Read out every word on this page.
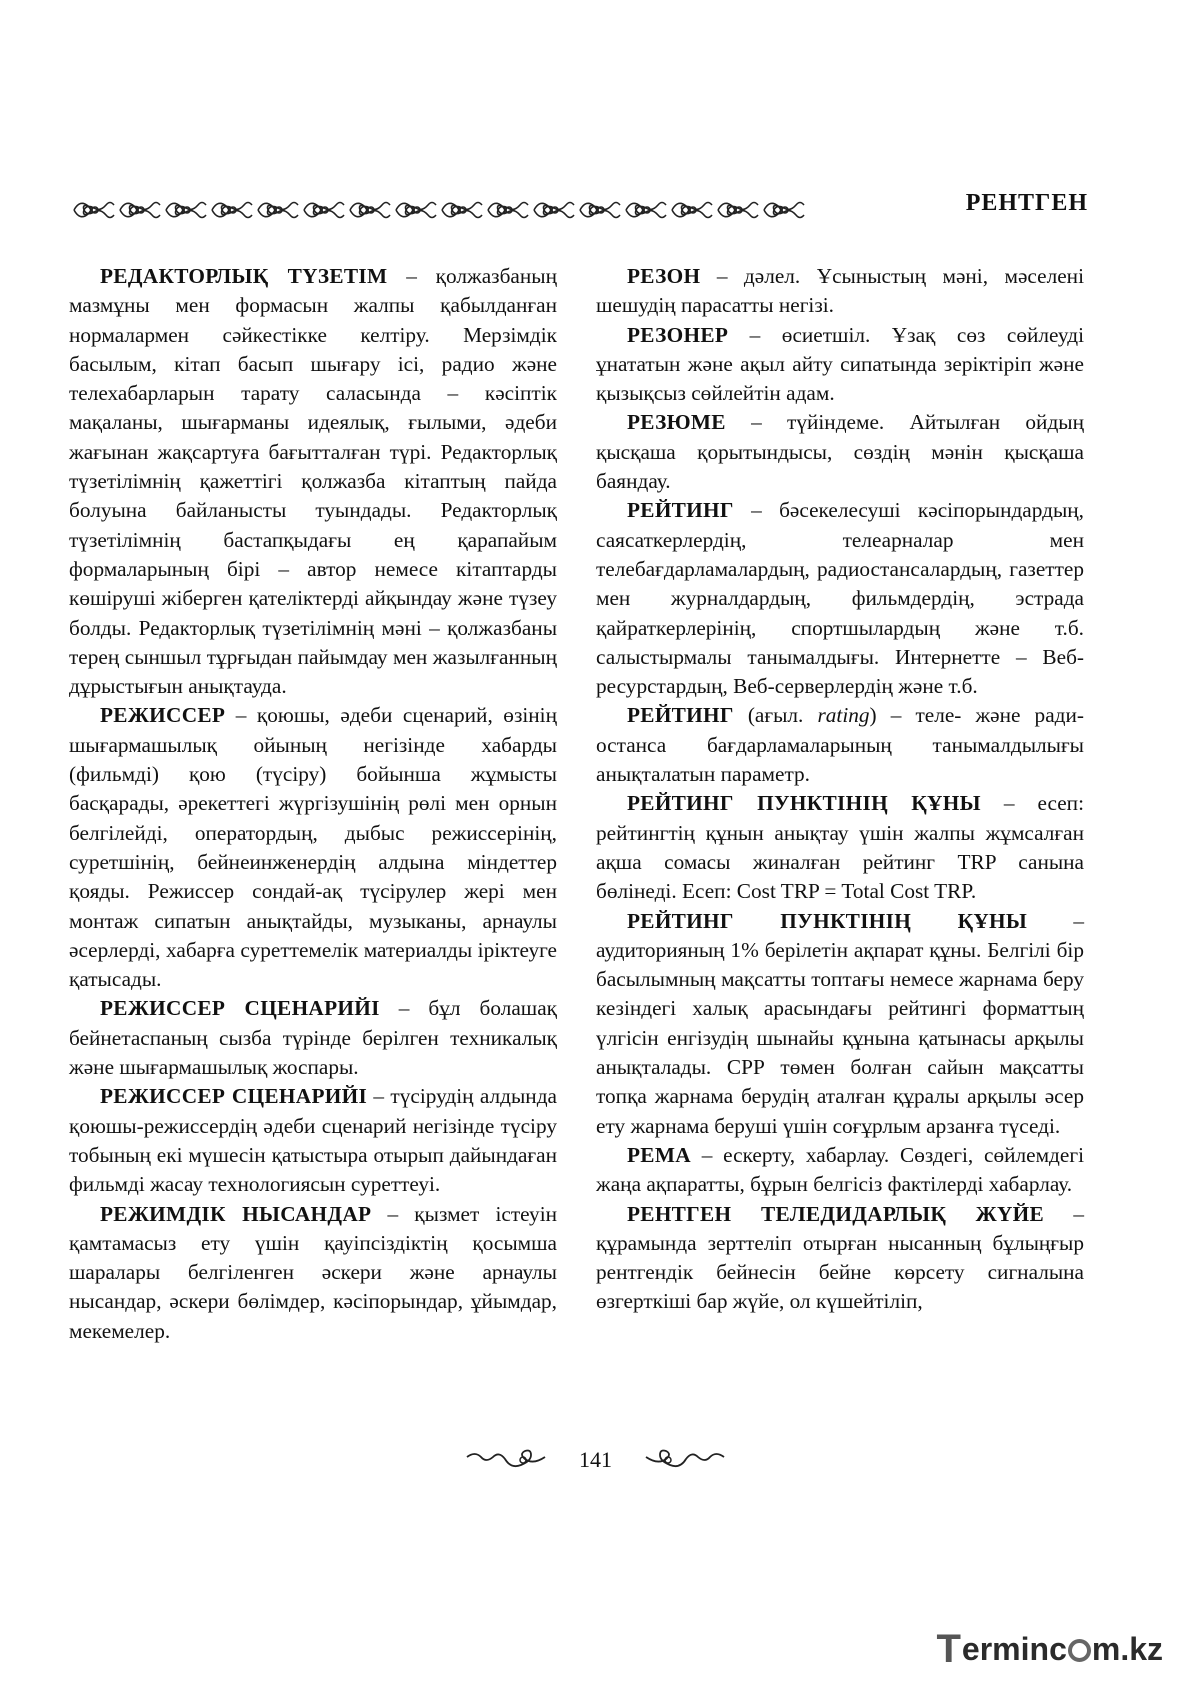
РЕНТГЕН

РЕДАКТОРЛЫҚ ТҮЗЕТІМ – қолжазбаның мазмұны мен формасын жалпы қабылданған нормалармен сәйкестікке келтіру. Мерзімдік басылым, кітап басып шығару ісі, радио және телехабарларын тарату саласында – кәсіптік мақаланы, шығарманы идеялық, ғылыми, әдеби жағынан жақсартуға бағытталған түрі. Редакторлық түзетілімнің қажеттігі қолжазба кітаптың пайда болуына байланысты туындады. Редакторлық түзетілімнің бастапқыдағы ең қарапайым формаларының бірі – автор немесе кітаптарды көшіруші жіберген қателіктерді айқындау және түзеу болды. Редакторлық түзетілімнің мәні – қолжазбаны терең сыншыл тұрғыдан пайымдау мен жазылғанның дұрыстығын анықтауда.

РЕЖИССЕР – қоюшы, әдеби сценарий, өзінің шығармашылық ойының негізінде хабарды (фильмді) қою (түсіру) бойынша жұмысты басқарады, әрекеттегі жүргізушінің рөлі мен орнын белгілейді, оператордың, дыбыс режиссерінің, суретшінің, бейнеинженердің алдына міндеттер қояды. Режиссер сондай-ақ түсірулер жері мен монтаж сипатын анықтайды, музыканы, арнаулы әсерлерді, хабарға суреттемелік материалды іріктеуге қатысады.

РЕЖИССЕР СЦЕНАРИЙІ – бұл болашақ бейнетаспаның сызба түрінде берілген техникалық және шығармашылық жоспары.

РЕЖИССЕР СЦЕНАРИЙІ – түсірудің алдында қоюшы-режиссердің әдеби сценарий негізінде түсіру тобының екі мүшесін қатыстыра отырып дайындаған фильмді жасау технологиясын суреттеуі.

РЕЖИМДІК НЫСАНДАР – қызмет істеуін қамтамасыз ету үшін қауіпсіздіктің қосымша шаралары белгіленген әскери және арнаулы нысандар, әскери бөлімдер, кәсіпорындар, ұйымдар, мекемелер.

РЕЗОН – дәлел. Ұсыныстың мәні, мәселені шешудің парасатты негізі.

РЕЗОНЕР – өсиетшіл. Ұзақ сөз сөйлеуді ұнататын және ақыл айту сипатында зеріктіріп және қызықсыз сөйлейтін адам.

РЕЗЮМЕ – түйіндеме. Айтылған ойдың қысқаша қорытындысы, сөздің мәнін қысқаша баяндау.

РЕЙТИНГ – бәсекелесуші кәсіпорындардың, саясаткерлердің, телеарналар мен телебағдарламалардың, радиостансалардың, газеттер мен журналдардың, фильмдердің, эстрада қайраткерлерінің, спортшылардың және т.б. салыстырмалы танымалдығы. Интернетте – Веб-ресурстардың, Веб-серверлердің және т.б.

РЕЙТИНГ (ағыл. rating) – теле- және радиостанса бағдарламаларының танымалдылығы анықталатын параметр.

РЕЙТИНГ ПУНКТІНІҢ ҚҰНЫ – есеп: рейтингтің құнын анықтау үшін жалпы жұмсалған ақша сомасы жиналған рейтинг TRP санына бөлінеді. Есеп: Cost TRP = Total Cost TRP.

РЕЙТИНГ ПУНКТІНІҢ ҚҰНЫ – аудиторияның 1% берілетін ақпарат құны. Белгілі бір басылымның мақсатты топтағы немесе жарнама беру кезіндегі халық арасындағы рейтингі форматтың үлгісін енгізудің шынайы құнына қатынасы арқылы анықталады. СРР төмен болған сайын мақсатты топқа жарнама берудің аталған құралы арқылы әсер ету жарнама беруші үшін соғұрлым арзанға түседі.

РЕМА – ескерту, хабарлау. Сөздегі, сөйлемдегі жаңа ақпаратты, бұрын белгісіз фактілерді хабарлау.

РЕНТГЕН ТЕЛЕДИДАРЛЫҚ ЖҮЙЕ – құрамында зерттеліп отырған нысанның бұлыңғыр рентгендік бейнесін бейне көрсету сигналына өзгерткіші бар жүйе, ол күшейтіліп,

141
T ermin c m.kz
